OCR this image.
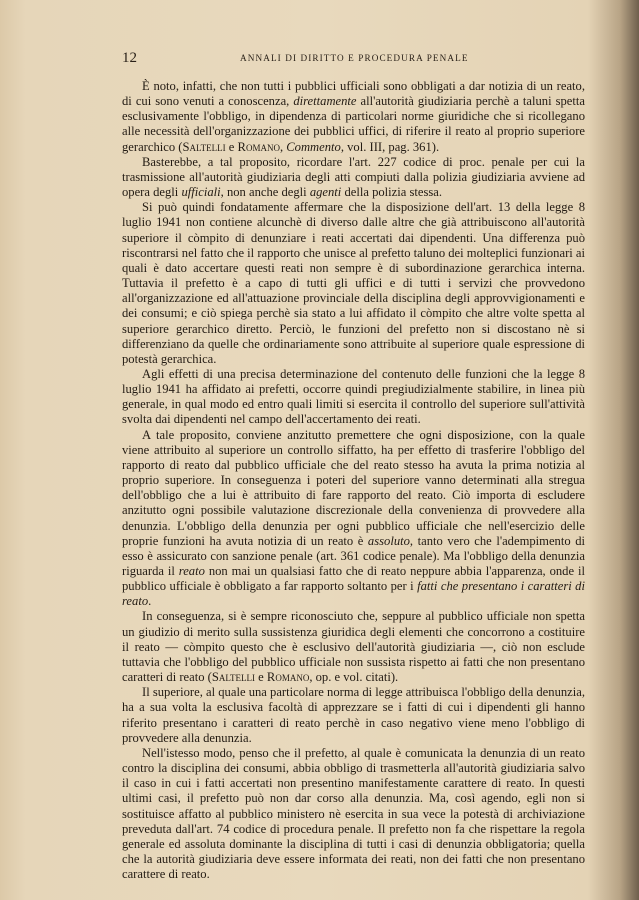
12	ANNALI DI DIRITTO E PROCEDURA PENALE

È noto, infatti, che non tutti i pubblici ufficiali sono obbligati a dar notizia di un reato, di cui sono venuti a conoscenza, direttamente all'autorità giudiziaria perchè a taluni spetta esclusivamente l'obbligo, in dipendenza di particolari norme giuridiche che si ricollegano alle necessità dell'organizzazione dei pubblici uffici, di riferire il reato al proprio superiore gerarchico (Saltelli e Romano, Commento, vol. III, pag. 361).

Basterebbe, a tal proposito, ricordare l'art. 227 codice di proc. penale per cui la trasmissione all'autorità giudiziaria degli atti compiuti dalla polizia giudiziaria avviene ad opera degli ufficiali, non anche degli agenti della polizia stessa.

Si può quindi fondatamente affermare che la disposizione dell'art. 13 della legge 8 luglio 1941 non contiene alcunchè di diverso dalle altre che già attribuiscono all'autorità superiore il còmpito di denunziare i reati accertati dai dipendenti. Una differenza può riscontrarsi nel fatto che il rapporto che unisce al prefetto taluno dei molteplici funzionari ai quali è dato accertare questi reati non sempre è di subordinazione gerarchica interna. Tuttavia il prefetto è a capo di tutti gli uffici e di tutti i servizi che provvedono all'organizzazione ed all'attuazione provinciale della disciplina degli approvvigionamenti e dei consumi; e ciò spiega perchè sia stato a lui affidato il còmpito che altre volte spetta al superiore gerarchico diretto. Perciò, le funzioni del prefetto non si discostano nè si differenziano da quelle che ordinariamente sono attribuite al superiore quale espressione di potestà gerarchica.

Agli effetti di una precisa determinazione del contenuto delle funzioni che la legge 8 luglio 1941 ha affidato ai prefetti, occorre quindi pregiudizialmente stabilire, in linea più generale, in qual modo ed entro quali limiti si esercita il controllo del superiore sull'attività svolta dai dipendenti nel campo dell'accertamento dei reati.

A tale proposito, conviene anzitutto premettere che ogni disposizione, con la quale viene attribuito al superiore un controllo siffatto, ha per effetto di trasferire l'obbligo del rapporto di reato dal pubblico ufficiale che del reato stesso ha avuta la prima notizia al proprio superiore. In conseguenza i poteri del superiore vanno determinati alla stregua dell'obbligo che a lui è attribuito di fare rapporto del reato. Ciò importa di escludere anzitutto ogni possibile valutazione discrezionale della convenienza di provvedere alla denunzia. L'obbligo della denunzia per ogni pubblico ufficiale che nell'esercizio delle proprie funzioni ha avuta notizia di un reato è assoluto, tanto vero che l'adempimento di esso è assicurato con sanzione penale (art. 361 codice penale). Ma l'obbligo della denunzia riguarda il reato non mai un qualsiasi fatto che di reato neppure abbia l'apparenza, onde il pubblico ufficiale è obbligato a far rapporto soltanto per i fatti che presentano i caratteri di reato.

In conseguenza, si è sempre riconosciuto che, seppure al pubblico ufficiale non spetta un giudizio di merito sulla sussistenza giuridica degli elementi che concorrono a costituire il reato — còmpito questo che è esclusivo dell'autorità giudiziaria —, ciò non esclude tuttavia che l'obbligo del pubblico ufficiale non sussista rispetto ai fatti che non presentano caratteri di reato (Saltelli e Romano, op. e vol. citati).

Il superiore, al quale una particolare norma di legge attribuisca l'obbligo della denunzia, ha a sua volta la esclusiva facoltà di apprezzare se i fatti di cui i dipendenti gli hanno riferito presentano i caratteri di reato perchè in caso negativo viene meno l'obbligo di provvedere alla denunzia.

Nell'istesso modo, penso che il prefetto, al quale è comunicata la denunzia di un reato contro la disciplina dei consumi, abbia obbligo di trasmetterla all'autorità giudiziaria salvo il caso in cui i fatti accertati non presentino manifestamente carattere di reato. In questi ultimi casi, il prefetto può non dar corso alla denunzia. Ma, così agendo, egli non si sostituisce affatto al pubblico ministero nè esercita in sua vece la potestà di archiviazione preveduta dall'art. 74 codice di procedura penale. Il prefetto non fa che rispettare la regola generale ed assoluta dominante la disciplina di tutti i casi di denunzia obbligatoria; quella che la autorità giudiziaria deve essere informata dei reati, non dei fatti che non presentano carattere di reato.
